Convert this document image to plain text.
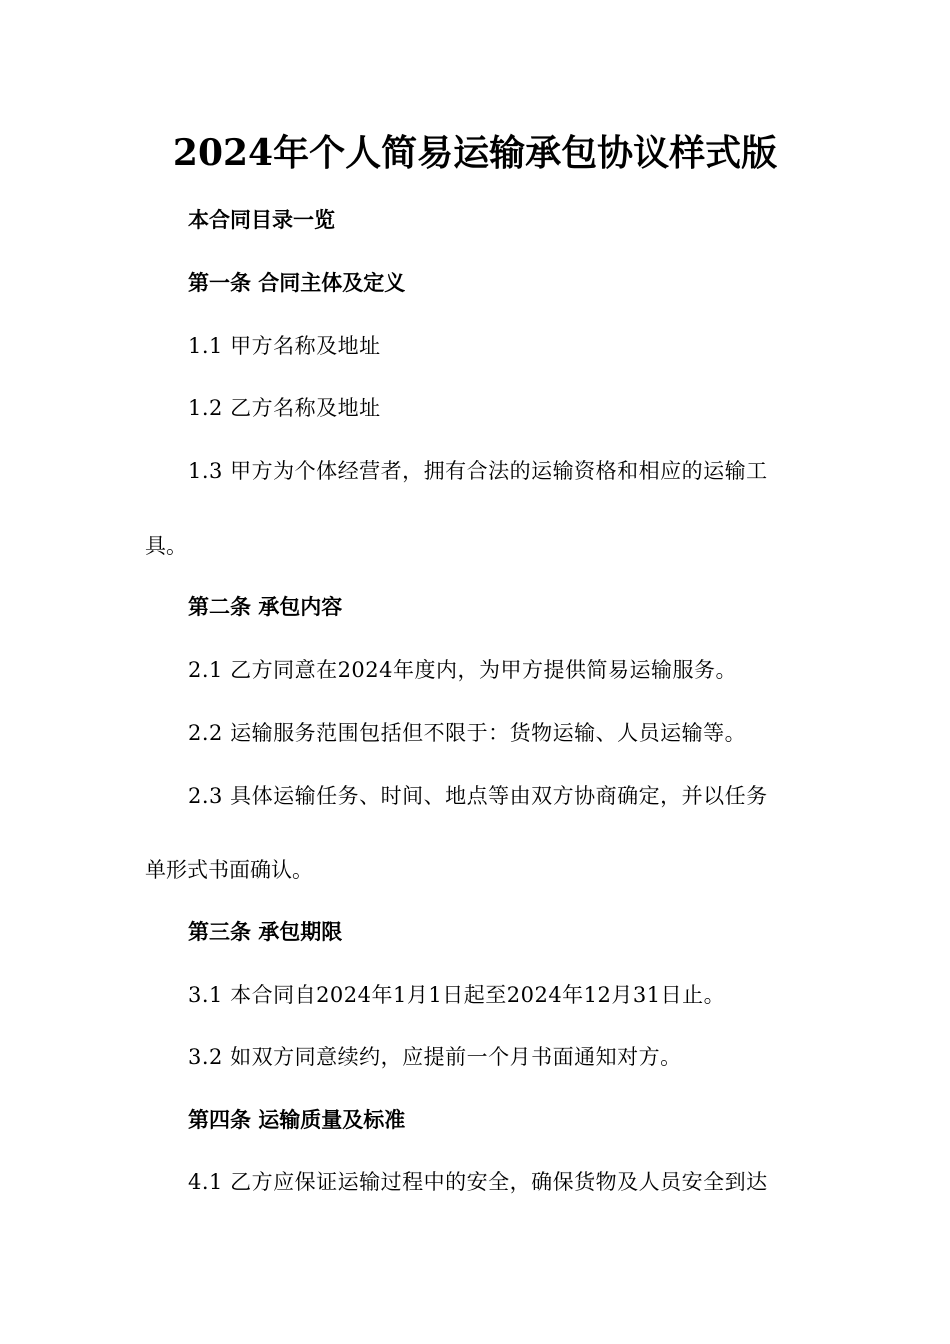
2024年个人简易运输承包协议样式版
本合同目录一览
第一条 合同主体及定义
1.1 甲方名称及地址
1.2 乙方名称及地址
1.3 甲方为个体经营者，拥有合法的运输资格和相应的运输工
具。
第二条 承包内容
2.1 乙方同意在2024年度内，为甲方提供简易运输服务。
2.2 运输服务范围包括但不限于：货物运输、人员运输等。
2.3 具体运输任务、时间、地点等由双方协商确定，并以任务
单形式书面确认。
第三条 承包期限
3.1 本合同自2024年1月1日起至2024年12月31日止。
3.2 如双方同意续约，应提前一个月书面通知对方。
第四条 运输质量及标准
4.1 乙方应保证运输过程中的安全，确保货物及人员安全到达
